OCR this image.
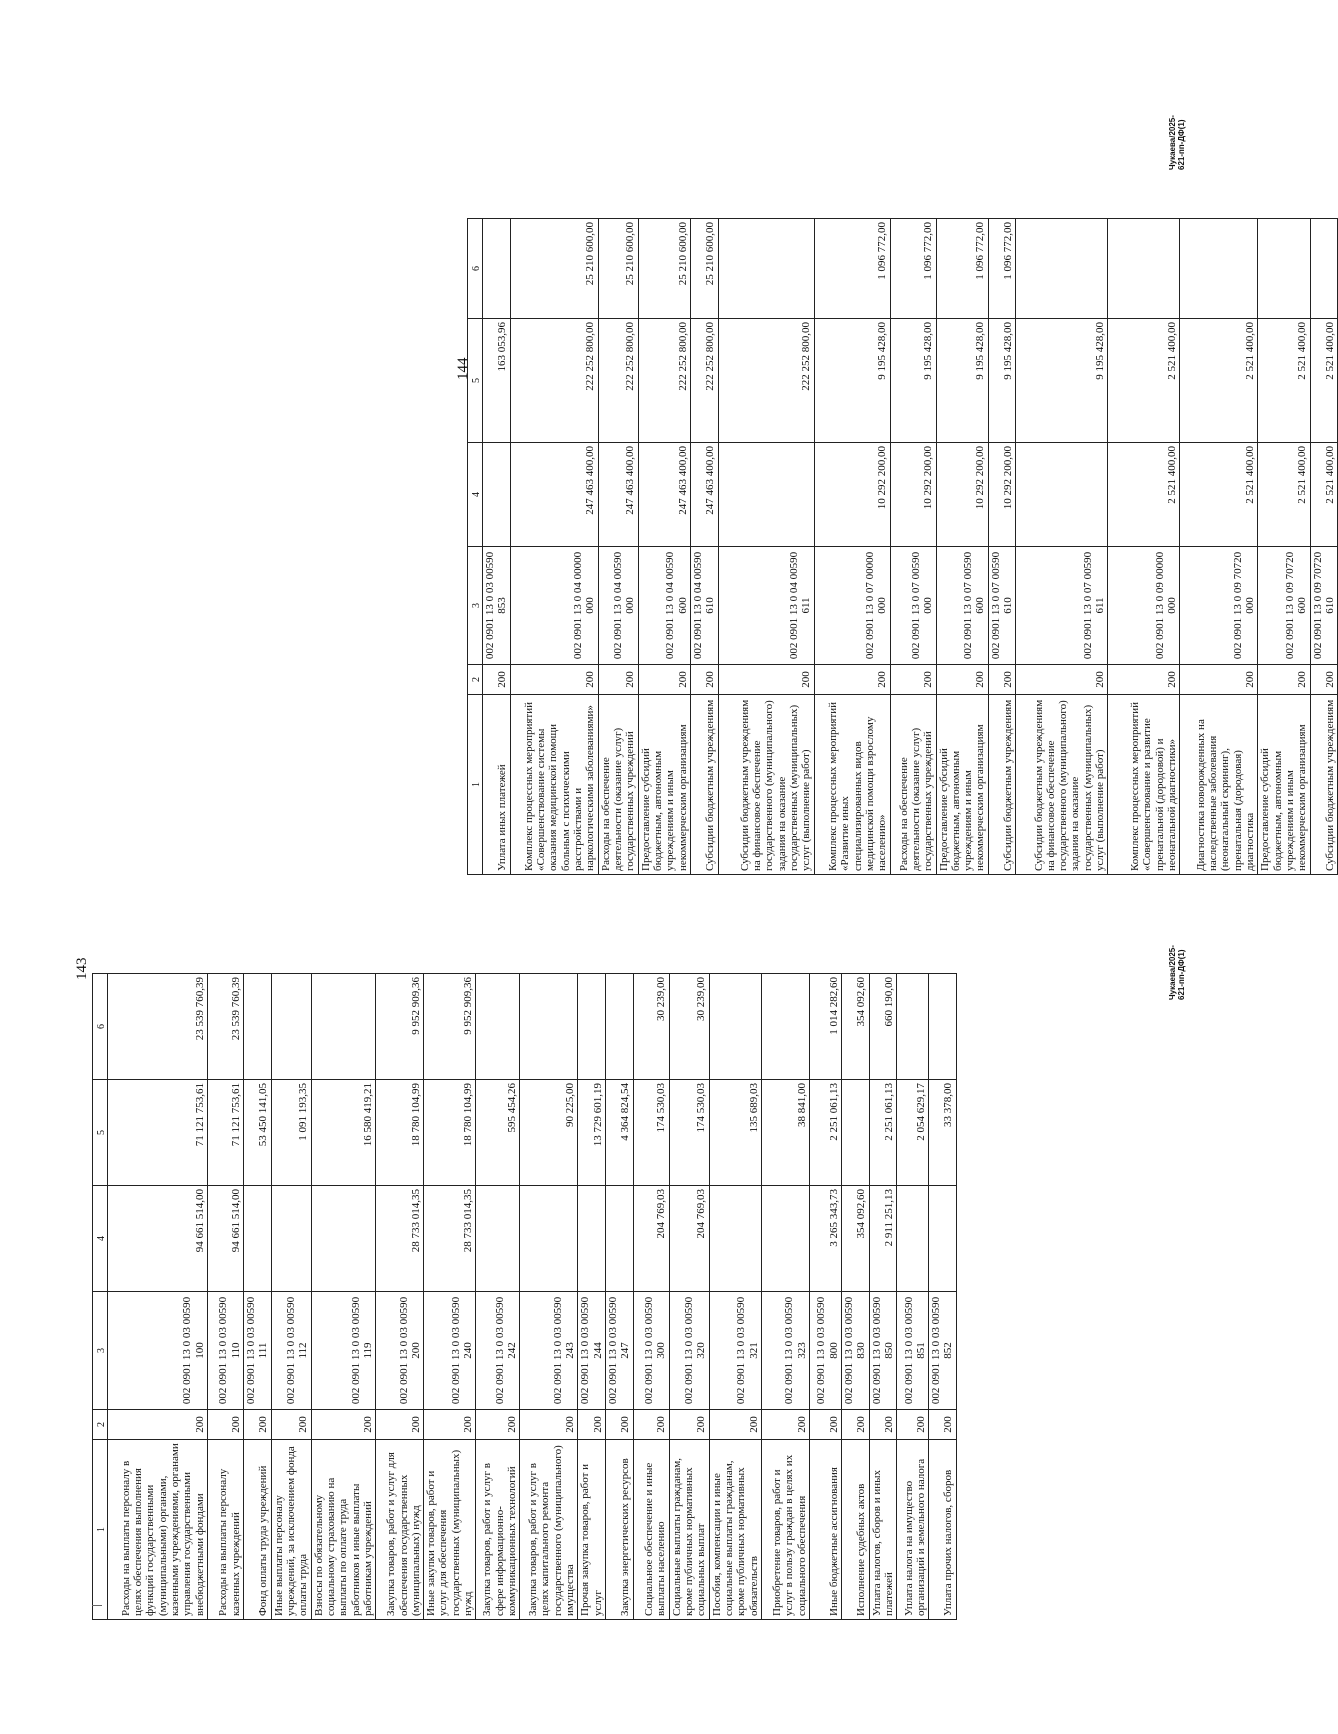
143
1	2	3	4	5	6
Расходы на выплаты персоналу в целях обеспечения выполнения функций государственными (муниципальными) органами, казенными учреждениями, органами управления государственными внебюджетными фондами	200	002 0901 13 0 03 00590 100	94 661 514,00	71 121 753,61	23 539 760,39
Расходы на выплаты персоналу казенных учреждений	200	002 0901 13 0 03 00590 110	94 661 514,00	71 121 753,61	23 539 760,39
Фонд оплаты труда учреждений	200	002 0901 13 0 03 00590 111		53 450 141,05	
Иные выплаты персоналу учреждений, за исключением фонда оплаты труда	200	002 0901 13 0 03 00590 112		1 091 193,35	
Взносы по обязательному социальному страхованию на выплаты по оплате труда работников и иные выплаты работникам учреждений	200	002 0901 13 0 03 00590 119		16 580 419,21	
Закупка товаров, работ и услуг для обеспечения государственных (муниципальных) нужд	200	002 0901 13 0 03 00590 200	28 733 014,35	18 780 104,99	9 952 909,36
Иные закупки товаров, работ и услуг для обеспечения государственных (муниципальных) нужд	200	002 0901 13 0 03 00590 240	28 733 014,35	18 780 104,99	9 952 909,36
Закупка товаров, работ и услуг в сфере информационно-коммуникационных технологий	200	002 0901 13 0 03 00590 242		595 454,26	
Закупка товаров, работ и услуг в целях капитального ремонта государственного (муниципального) имущества	200	002 0901 13 0 03 00590 243		90 225,00	
Прочая закупка товаров, работ и услуг	200	002 0901 13 0 03 00590 244		13 729 601,19	
Закупка энергетических ресурсов	200	002 0901 13 0 03 00590 247		4 364 824,54	
Социальное обеспечение и иные выплаты населению	200	002 0901 13 0 03 00590 300	204 769,03	174 530,03	30 239,00
Социальные выплаты гражданам, кроме публичных нормативных социальных выплат	200	002 0901 13 0 03 00590 320	204 769,03	174 530,03	30 239,00
Пособия, компенсации и иные социальные выплаты гражданам, кроме публичных нормативных обязательств	200	002 0901 13 0 03 00590 321		135 689,03	
Приобретение товаров, работ и услуг в пользу граждан в целях их социального обеспечения	200	002 0901 13 0 03 00590 323		38 841,00	
Иные бюджетные ассигнования	200	002 0901 13 0 03 00590 800	3 265 343,73	2 251 061,13	1 014 282,60
Исполнение судебных актов	200	002 0901 13 0 03 00590 830	354 092,60		354 092,60
Уплата налогов, сборов и иных платежей	200	002 0901 13 0 03 00590 850	2 911 251,13	2 251 061,13	660 190,00
Уплата налога на имущество организаций и земельного налога	200	002 0901 13 0 03 00590 851		2 054 629,17	
Уплата прочих налогов, сборов	200	002 0901 13 0 03 00590 852		33 378,00	
Чукаева/2025-621-пп-ДФ(1)
144
1	2	3	4	5	6
Уплата иных платежей	200	002 0901 13 0 03 00590 853		163 053,96	
Комплекс процессных мероприятий «Совершенствование системы оказания медицинской помощи больным с психическими расстройствами и наркологическими заболеваниями»	200	002 0901 13 0 04 00000 000	247 463 400,00	222 252 800,00	25 210 600,00
Расходы на обеспечение деятельности (оказание услуг) государственных учреждений	200	002 0901 13 0 04 00590 000	247 463 400,00	222 252 800,00	25 210 600,00
Предоставление субсидий бюджетным, автономным учреждениям и иным некоммерческим организациям	200	002 0901 13 0 04 00590 600	247 463 400,00	222 252 800,00	25 210 600,00
Субсидии бюджетным учреждениям	200	002 0901 13 0 04 00590 610	247 463 400,00	222 252 800,00	25 210 600,00
Субсидии бюджетным учреждениям на финансовое обеспечение государственного (муниципального) задания на оказание государственных (муниципальных) услуг (выполнение работ)	200	002 0901 13 0 04 00590 611		222 252 800,00	
Комплекс процессных мероприятий «Развитие иных специализированных видов медицинской помощи взрослому населению»	200	002 0901 13 0 07 00000 000	10 292 200,00	9 195 428,00	1 096 772,00
Расходы на обеспечение деятельности (оказание услуг) государственных учреждений	200	002 0901 13 0 07 00590 000	10 292 200,00	9 195 428,00	1 096 772,00
Предоставление субсидий бюджетным, автономным учреждениям и иным некоммерческим организациям	200	002 0901 13 0 07 00590 600	10 292 200,00	9 195 428,00	1 096 772,00
Субсидии бюджетным учреждениям	200	002 0901 13 0 07 00590 610	10 292 200,00	9 195 428,00	1 096 772,00
Субсидии бюджетным учреждениям на финансовое обеспечение государственного (муниципального) задания на оказание государственных (муниципальных) услуг (выполнение работ)	200	002 0901 13 0 07 00590 611		9 195 428,00	
Комплекс процессных мероприятий «Совершенствование и развитие пренатальной (дородовой) и неонатальной диагностики»	200	002 0901 13 0 09 00000 000	2 521 400,00	2 521 400,00	
Диагностика новорожденных на наследственные заболевания (неонатальный скрининг), пренатальная (дородовая) диагностика	200	002 0901 13 0 09 70720 000	2 521 400,00	2 521 400,00	
Предоставление субсидий бюджетным, автономным учреждениям и иным некоммерческим организациям	200	002 0901 13 0 09 70720 600	2 521 400,00	2 521 400,00	
Субсидии бюджетным учреждениям	200	002 0901 13 0 09 70720 610	2 521 400,00	2 521 400,00	
Чукаева/2025-621-пп-ДФ(1)
